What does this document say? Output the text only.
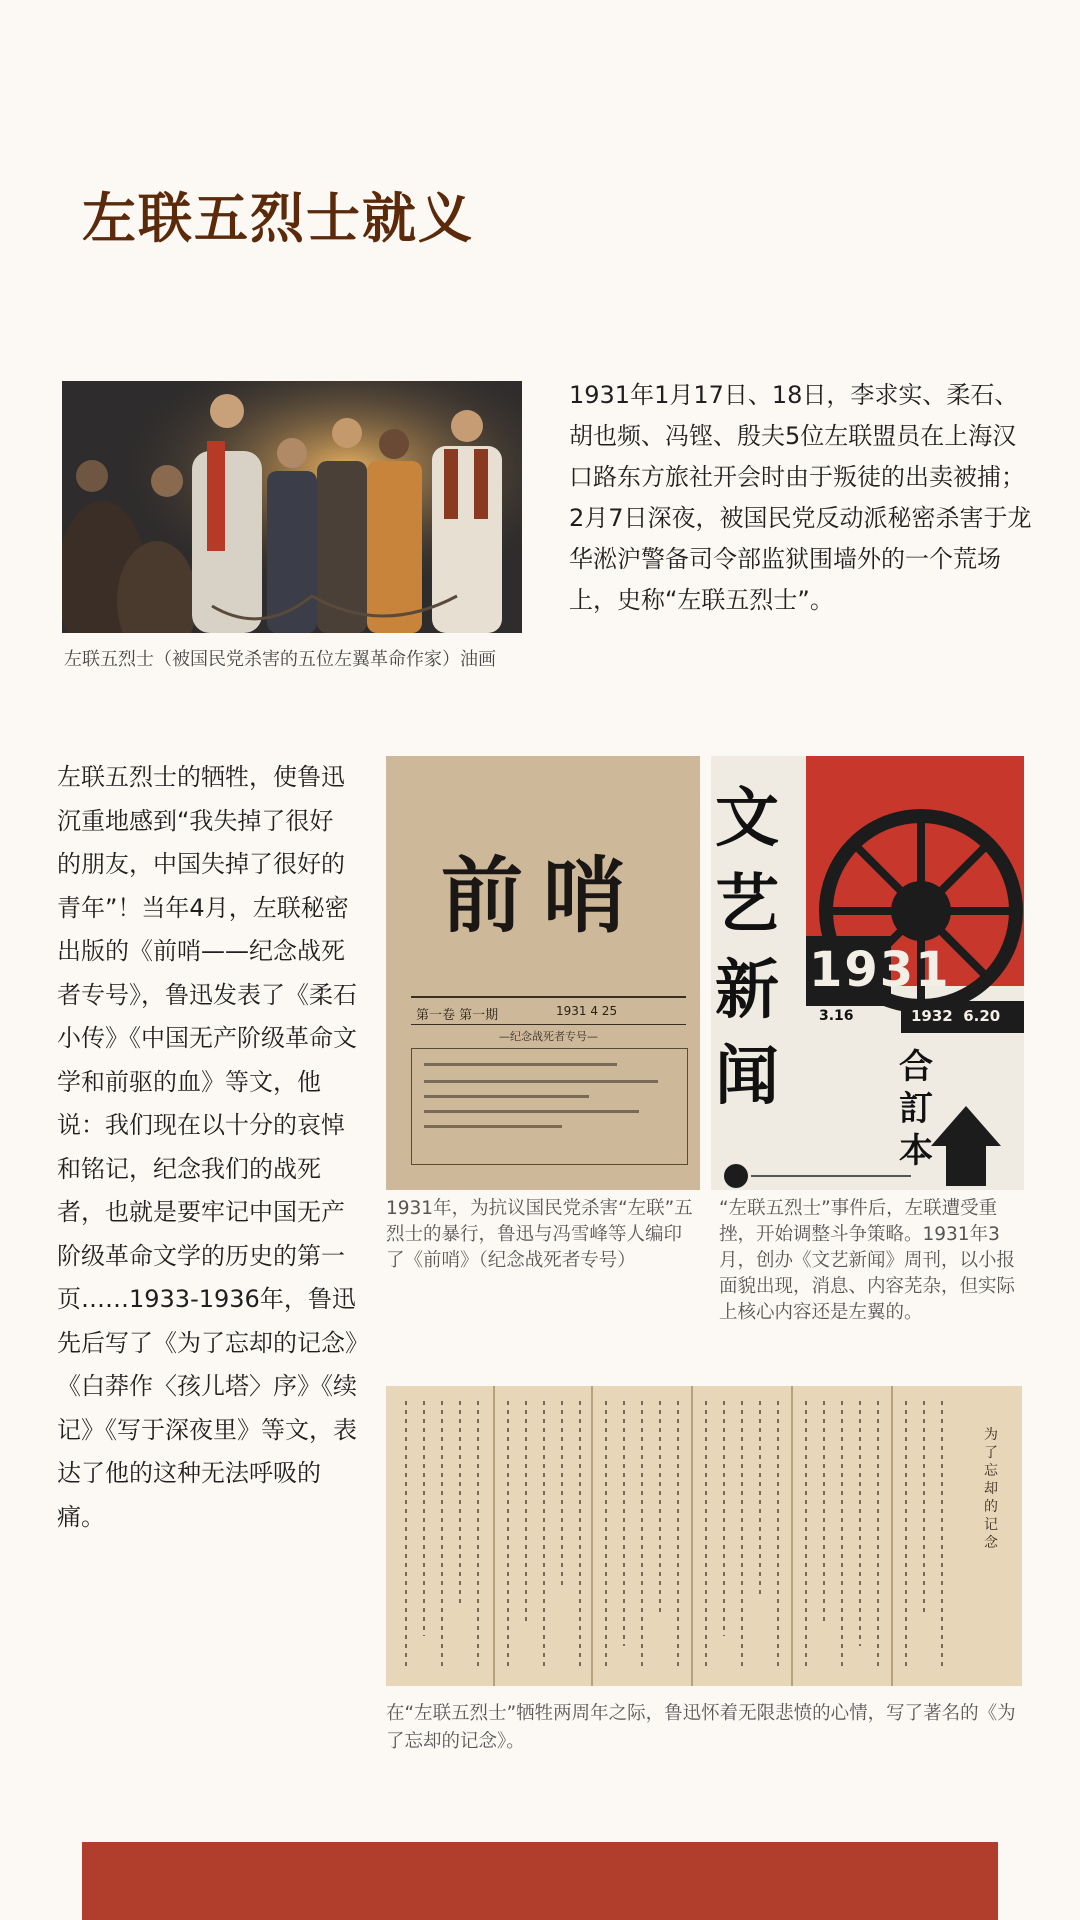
左联五烈士就义
左联五烈士（被国民党杀害的五位左翼革命作家）油画
1931年1月17日、18日，李求实、柔石、胡也频、冯铿、殷夫5位左联盟员在上海汉口路东方旅社开会时由于叛徒的出卖被捕；2月7日深夜，被国民党反动派秘密杀害于龙华淞沪警备司令部监狱围墙外的一个荒场上，史称“左联五烈士”。
左联五烈士的牺牲，使鲁迅沉重地感到“我失掉了很好的朋友，中国失掉了很好的青年”！当年4月，左联秘密出版的《前哨——纪念战死者专号》，鲁迅发表了《柔石小传》《中国无产阶级革命文学和前驱的血》等文，他说：我们现在以十分的哀悼和铭记，纪念我们的战死者，也就是要牢记中国无产阶级革命文学的历史的第一页……1933-1936年，鲁迅先后写了《为了忘却的记念》《白莽作〈孩儿塔〉序》《续记》《写于深夜里》等文，表达了他的这种无法呼吸的痛。
前哨
第一卷 第一期	1931 4 25
—纪念战死者专号—
1931年，为抗议国民党杀害“左联”五烈士的暴行，鲁迅与冯雪峰等人编印了《前哨》（纪念战死者专号）
文艺新闻
1931
3.16	1932  6.20
合訂本
“左联五烈士”事件后，左联遭受重挫，开始调整斗争策略。1931年3月，创办《文艺新闻》周刊，以小报面貌出现，消息、内容芜杂，但实际上核心内容还是左翼的。
为了忘却的记念
在“左联五烈士”牺牲两周年之际，鲁迅怀着无限悲愤的心情，写了著名的《为了忘却的记念》。
